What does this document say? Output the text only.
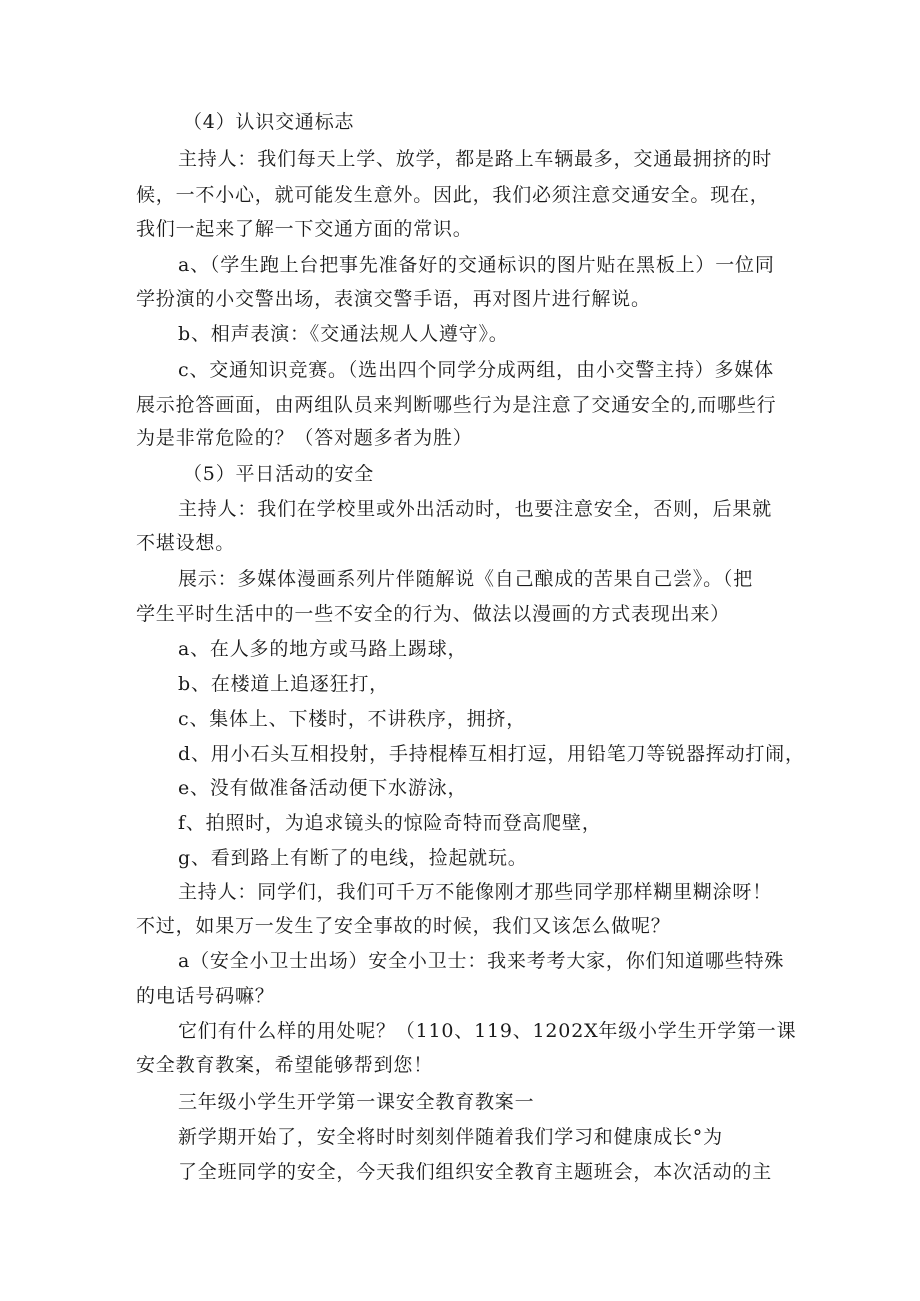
（4）认识交通标志
主持人：我们每天上学、放学，都是路上车辆最多，交通最拥挤的时
候，一不小心，就可能发生意外。因此，我们必须注意交通安全。现在，
我们一起来了解一下交通方面的常识。
a、（学生跑上台把事先准备好的交通标识的图片贴在黑板上）一位同
学扮演的小交警出场，表演交警手语，再对图片进行解说。
b、相声表演：《交通法规人人遵守》。
c、交通知识竞赛。（选出四个同学分成两组，由小交警主持）多媒体
展示抢答画面，由两组队员来判断哪些行为是注意了交通安全的,而哪些行
为是非常危险的？（答对题多者为胜）
（5）平日活动的安全
主持人：我们在学校里或外出活动时，也要注意安全，否则，后果就
不堪设想。
展示：多媒体漫画系列片伴随解说《自己酿成的苦果自己尝》。（把
学生平时生活中的一些不安全的行为、做法以漫画的方式表现出来）
a、在人多的地方或马路上踢球，
b、在楼道上追逐狂打，
c、集体上、下楼时，不讲秩序，拥挤，
d、用小石头互相投射，手持棍棒互相打逗，用铅笔刀等锐器挥动打闹，
e、没有做准备活动便下水游泳，
f、拍照时，为追求镜头的惊险奇特而登高爬壁，
g、看到路上有断了的电线，捡起就玩。
主持人：同学们，我们可千万不能像刚才那些同学那样糊里糊涂呀！
不过，如果万一发生了安全事故的时候，我们又该怎么做呢？
a（安全小卫士出场）安全小卫士：我来考考大家，你们知道哪些特殊
的电话号码嘛？
它们有什么样的用处呢？（110、119、1202X年级小学生开学第一课
安全教育教案，希望能够帮到您！
三年级小学生开学第一课安全教育教案一
新学期开始了，安全将时时刻刻伴随着我们学习和健康成长°为
了全班同学的安全，今天我们组织安全教育主题班会，本次活动的主
